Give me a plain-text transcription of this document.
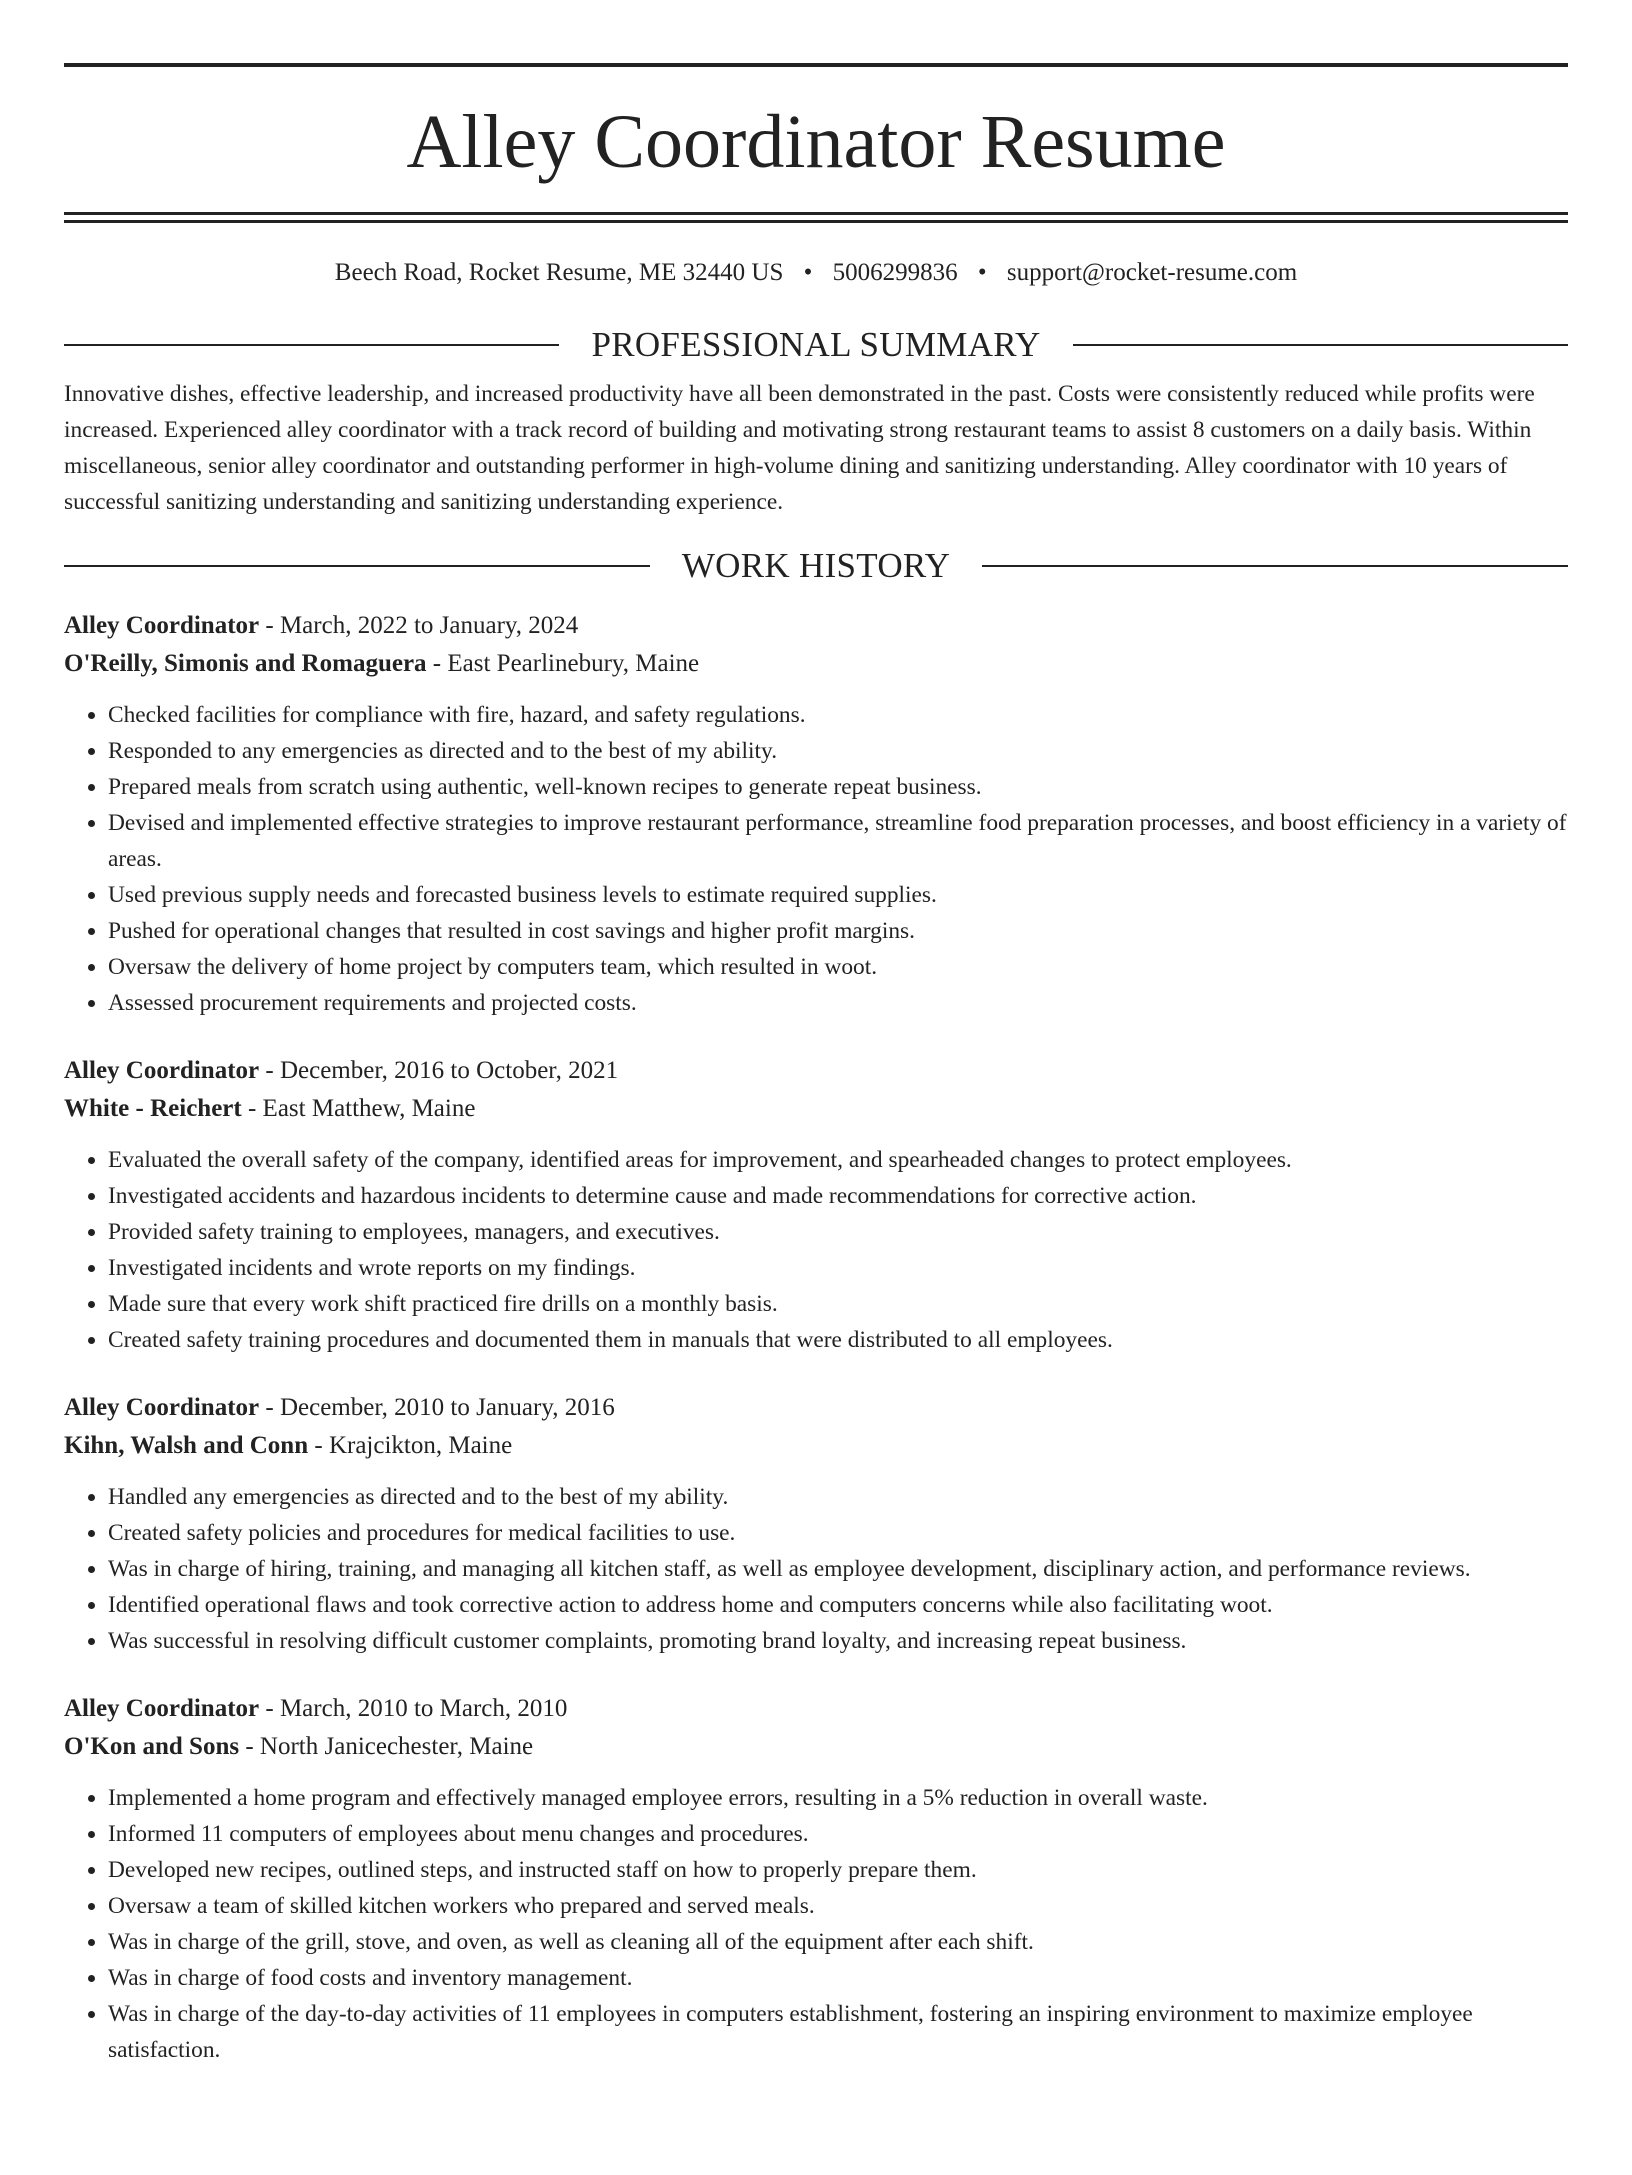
Alley Coordinator Resume
Beech Road, Rocket Resume, ME 32440 US • 5006299836 • support@rocket-resume.com
PROFESSIONAL SUMMARY

Innovative dishes, effective leadership, and increased productivity have all been demonstrated in the past. Costs were consistently reduced while profits were increased. Experienced alley coordinator with a track record of building and motivating strong restaurant teams to assist 8 customers on a daily basis. Within miscellaneous, senior alley coordinator and outstanding performer in high-volume dining and sanitizing understanding. Alley coordinator with 10 years of successful sanitizing understanding and sanitizing understanding experience.

WORK HISTORY
Alley Coordinator - March, 2022 to January, 2024
O'Reilly, Simonis and Romaguera - East Pearlinebury, Maine
• Checked facilities for compliance with fire, hazard, and safety regulations.
• Responded to any emergencies as directed and to the best of my ability.
• Prepared meals from scratch using authentic, well-known recipes to generate repeat business.
• Devised and implemented effective strategies to improve restaurant performance, streamline food preparation processes, and boost efficiency in a variety of areas.
• Used previous supply needs and forecasted business levels to estimate required supplies.
• Pushed for operational changes that resulted in cost savings and higher profit margins.
• Oversaw the delivery of home project by computers team, which resulted in woot.
• Assessed procurement requirements and projected costs.
Alley Coordinator - December, 2016 to October, 2021
White - Reichert - East Matthew, Maine
• Evaluated the overall safety of the company, identified areas for improvement, and spearheaded changes to protect employees.
• Investigated accidents and hazardous incidents to determine cause and made recommendations for corrective action.
• Provided safety training to employees, managers, and executives.
• Investigated incidents and wrote reports on my findings.
• Made sure that every work shift practiced fire drills on a monthly basis.
• Created safety training procedures and documented them in manuals that were distributed to all employees.
Alley Coordinator - December, 2010 to January, 2016
Kihn, Walsh and Conn - Krajcikton, Maine
• Handled any emergencies as directed and to the best of my ability.
• Created safety policies and procedures for medical facilities to use.
• Was in charge of hiring, training, and managing all kitchen staff, as well as employee development, disciplinary action, and performance reviews.
• Identified operational flaws and took corrective action to address home and computers concerns while also facilitating woot.
• Was successful in resolving difficult customer complaints, promoting brand loyalty, and increasing repeat business.
Alley Coordinator - March, 2010 to March, 2010
O'Kon and Sons - North Janicechester, Maine
• Implemented a home program and effectively managed employee errors, resulting in a 5% reduction in overall waste.
• Informed 11 computers of employees about menu changes and procedures.
• Developed new recipes, outlined steps, and instructed staff on how to properly prepare them.
• Oversaw a team of skilled kitchen workers who prepared and served meals.
• Was in charge of the grill, stove, and oven, as well as cleaning all of the equipment after each shift.
• Was in charge of food costs and inventory management.
• Was in charge of the day-to-day activities of 11 employees in computers establishment, fostering an inspiring environment to maximize employee satisfaction.
